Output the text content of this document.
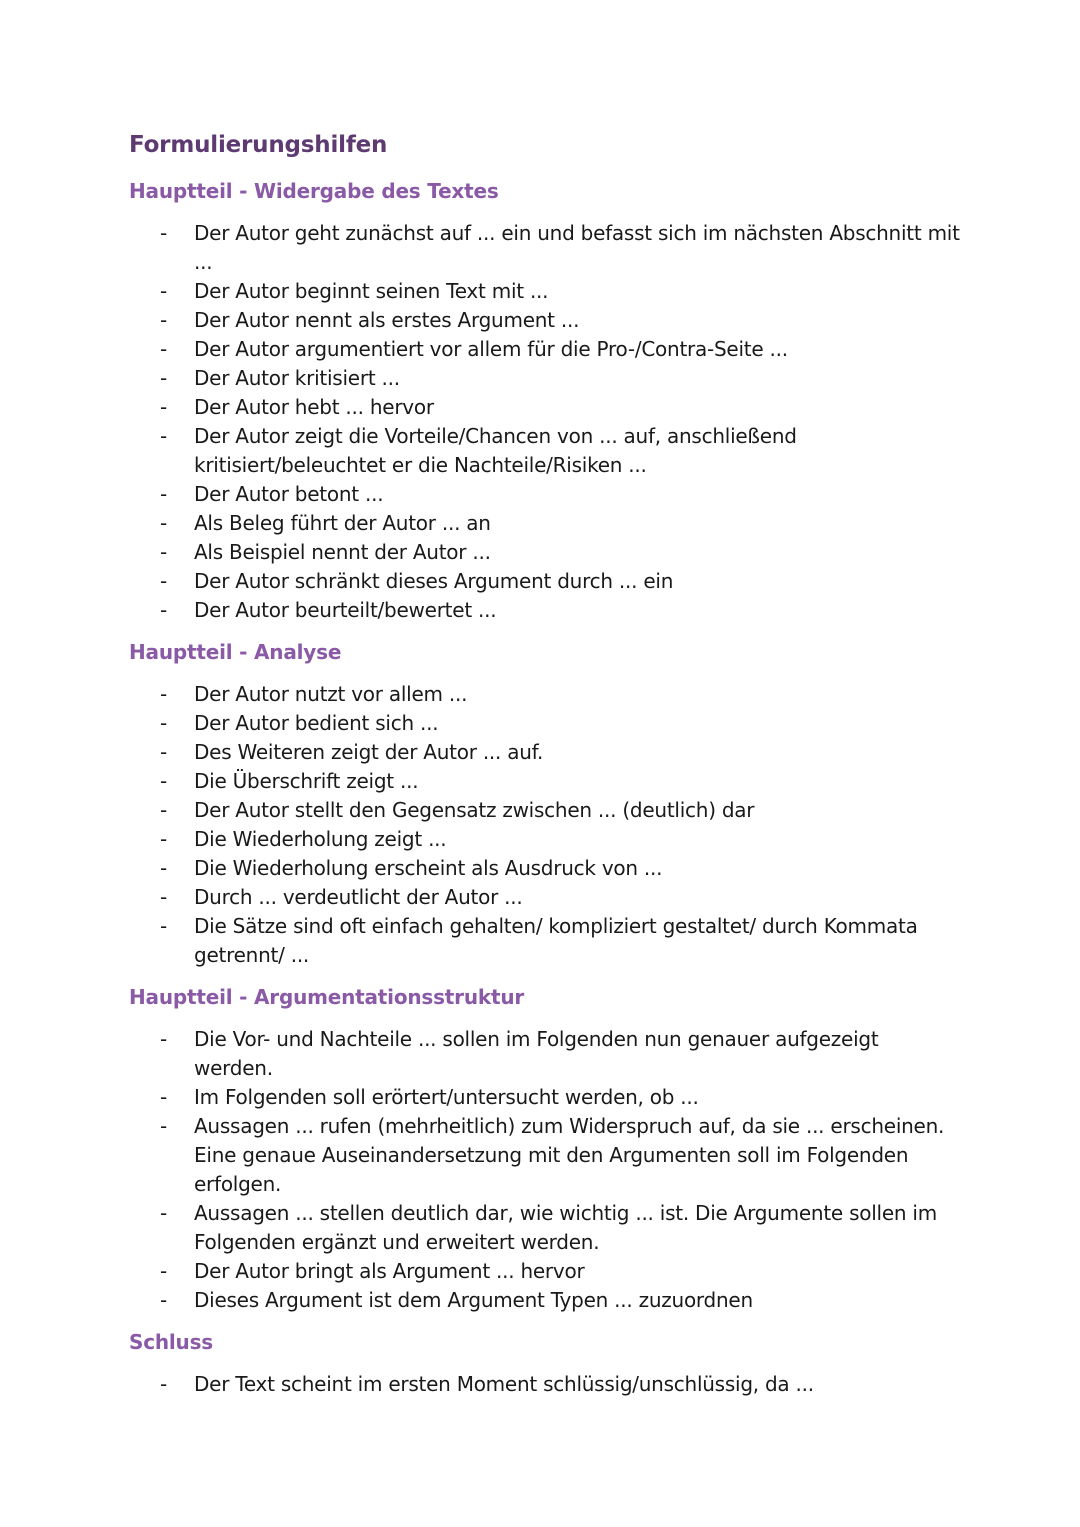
Formulierungshilfen
Hauptteil - Widergabe des Textes
- Der Autor geht zunächst auf ... ein und befasst sich im nächsten Abschnitt mit ...
- Der Autor beginnt seinen Text mit ...
- Der Autor nennt als erstes Argument ...
- Der Autor argumentiert vor allem für die Pro-/Contra-Seite ...
- Der Autor kritisiert ...
- Der Autor hebt ... hervor
- Der Autor zeigt die Vorteile/Chancen von ... auf, anschließend kritisiert/beleuchtet er die Nachteile/Risiken ...
- Der Autor betont ...
- Als Beleg führt der Autor ... an
- Als Beispiel nennt der Autor ...
- Der Autor schränkt dieses Argument durch ... ein
- Der Autor beurteilt/bewertet ...
Hauptteil - Analyse
- Der Autor nutzt vor allem ...
- Der Autor bedient sich ...
- Des Weiteren zeigt der Autor ... auf.
- Die Überschrift zeigt ...
- Der Autor stellt den Gegensatz zwischen ... (deutlich) dar
- Die Wiederholung zeigt ...
- Die Wiederholung erscheint als Ausdruck von ...
- Durch ... verdeutlicht der Autor ...
- Die Sätze sind oft einfach gehalten/ kompliziert gestaltet/ durch Kommata getrennt/ ...
Hauptteil - Argumentationsstruktur
- Die Vor- und Nachteile ... sollen im Folgenden nun genauer aufgezeigt werden.
- Im Folgenden soll erörtert/untersucht werden, ob ...
- Aussagen ... rufen (mehrheitlich) zum Widerspruch auf, da sie ... erscheinen. Eine genaue Auseinandersetzung mit den Argumenten soll im Folgenden erfolgen.
- Aussagen ... stellen deutlich dar, wie wichtig ... ist. Die Argumente sollen im Folgenden ergänzt und erweitert werden.
- Der Autor bringt als Argument ... hervor
- Dieses Argument ist dem Argument Typen ... zuzuordnen
Schluss
- Der Text scheint im ersten Moment schlüssig/unschlüssig, da ...
